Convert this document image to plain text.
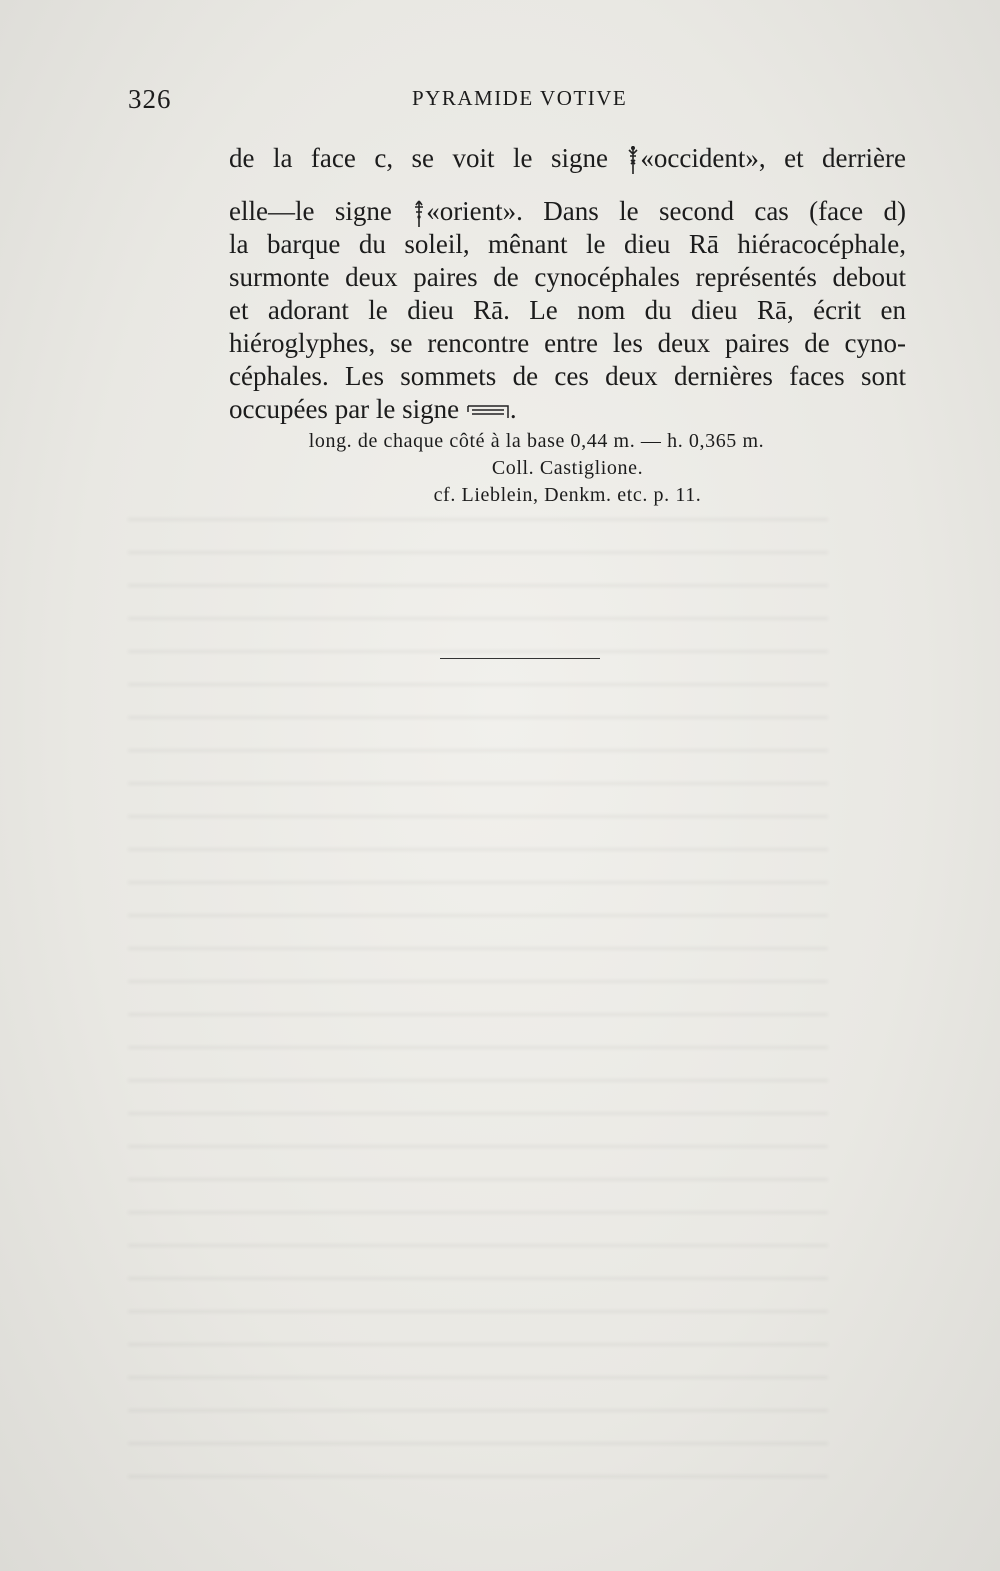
326	PYRAMIDE VOTIVE
de la face c, se voit le signe
«occident», et derrière
elle—le signe
«orient». Dans le second cas (face d)
la barque du soleil, mênant le dieu Rā hiéracocéphale,
surmonte deux paires de cynocéphales représentés debout
et adorant le dieu Rā. Le nom du dieu Rā, écrit en
hiéroglyphes, se rencontre entre les deux paires de cyno-
céphales. Les sommets de ces deux dernières faces sont
occupées par le signe
.
long. de chaque côté à la base 0,44 m. — h. 0,365 m.
Coll. Castiglione.
cf. Lieblein, Denkm. etc. p. 11.
